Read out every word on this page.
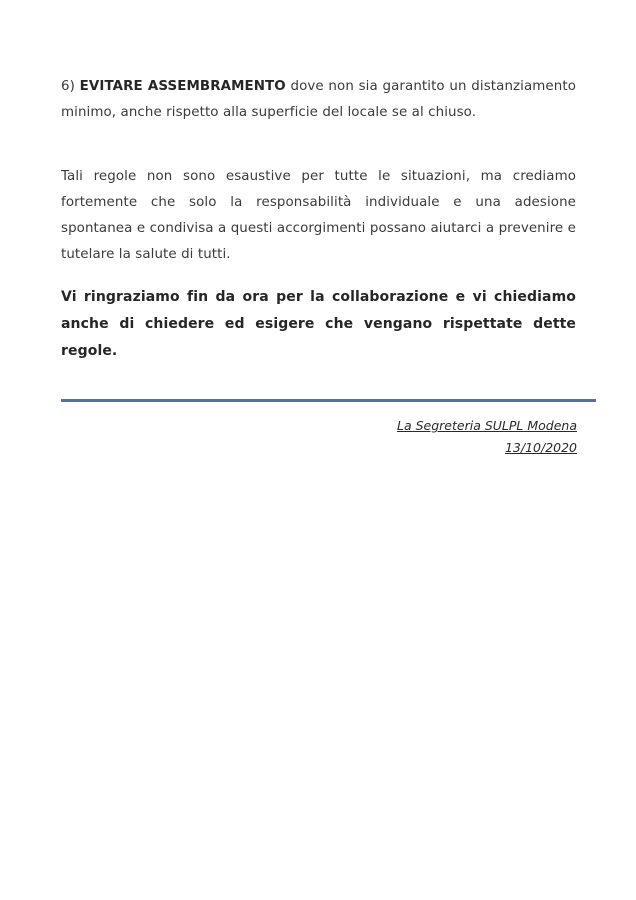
6) EVITARE ASSEMBRAMENTO dove non sia garantito un distanziamento minimo, anche rispetto alla superficie del locale se al chiuso.

Tali regole non sono esaustive per tutte le situazioni, ma crediamo fortemente che solo la responsabilità individuale e una adesione spontanea e condivisa a questi accorgimenti possano aiutarci a prevenire e tutelare la salute di tutti.

Vi ringraziamo fin da ora per la collaborazione e vi chiediamo anche di chiedere ed esigere che vengano rispettate dette regole.

La Segreteria SULPL Modena
13/10/2020
